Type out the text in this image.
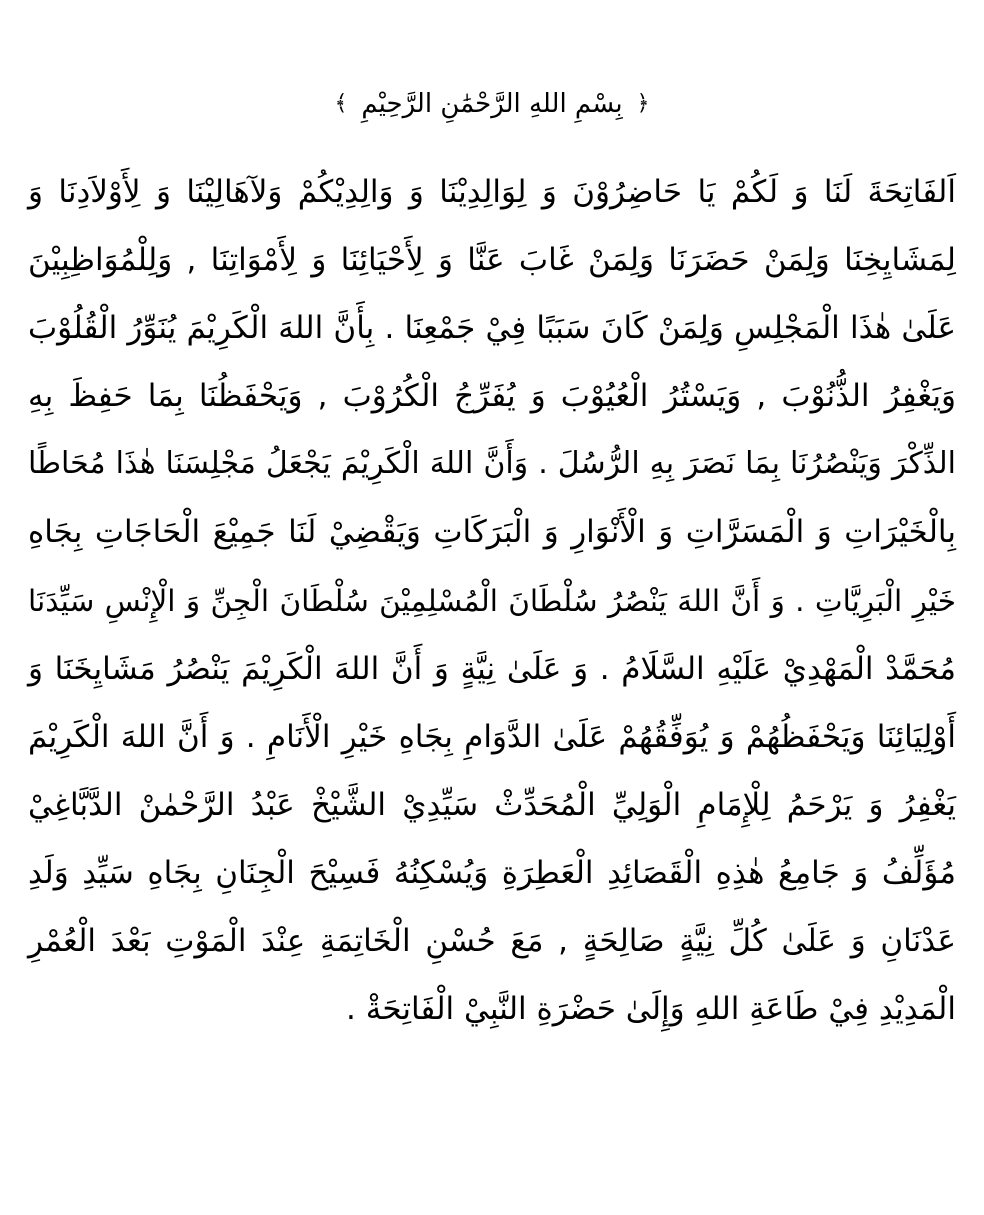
﴿
بِسْمِ اللهِ الرَّحْمَٰنِ الرَّحِيْمِ
﴾
اَلفَاتِحَةَ لَنَا وَ لَكُمْ يَا حَاضِرُوْنَ وَ لِوَالِدِيْنَا وَ وَالِدِيْكُمْ وَلآهَالِيْنَا وَ لِأَوْلاَدِنَا وَ
لِمَشَايِخِنَا وَلِمَنْ حَضَرَنَا وَلِمَنْ غَابَ عَنَّا وَ لِأَحْيَائِنَا وَ لِأَمْوَاتِنَا , وَلِلْمُوَاظِبِيْنَ
عَلَىٰ هٰذَا الْمَجْلِسِ وَلِمَنْ كَانَ سَبَبًا فِيْ جَمْعِنَا . بِأَنَّ اللهَ الْكَرِيْمَ يُنَوِّرُ الْقُلُوْبَ
وَيَغْفِرُ الذُّنُوْبَ , وَيَسْتُرُ الْعُيُوْبَ وَ يُفَرِّجُ الْكُرُوْبَ , وَيَحْفَظُنَا بِمَا حَفِظَ بِهِ
الذِّكْرَ وَيَنْصُرُنَا بِمَا نَصَرَ بِهِ الرُّسُلَ . وَأَنَّ اللهَ الْكَرِيْمَ يَجْعَلُ مَجْلِسَنَا هٰذَا مُحَاطًا
بِالْخَيْرَاتِ وَ الْمَسَرَّاتِ وَ الْأَنْوَارِ وَ الْبَرَكَاتِ وَيَقْضِيْ لَنَا جَمِيْعَ الْحَاجَاتِ بِجَاهِ
خَيْرِ الْبَرِيَّاتِ . وَ أَنَّ اللهَ يَنْصُرُ سُلْطَانَ الْمُسْلِمِيْنَ سُلْطَانَ الْجِنِّ وَ الْإِنْسِ سَيِّدَنَا
مُحَمَّدْ الْمَهْدِيْ عَلَيْهِ السَّلَامُ . وَ عَلَىٰ نِيَّةٍ وَ أَنَّ اللهَ الْكَرِيْمَ يَنْصُرُ مَشَايِخَنَا وَ
أَوْلِيَائِنَا وَيَحْفَظُهُمْ وَ يُوَفِّقُهُمْ عَلَىٰ الدَّوَامِ بِجَاهِ خَيْرِ الْأَنَامِ . وَ أَنَّ اللهَ الْكَرِيْمَ
يَغْفِرُ وَ يَرْحَمُ لِلْإِمَامِ الْوَلِيِّ الْمُحَدِّثْ سَيِّدِيْ الشَّيْخْ عَبْدُ الرَّحْمٰنْ الدَّبَّاغِيْ
مُؤَلِّفُ وَ جَامِعُ هٰذِهِ الْقَصَائِدِ الْعَطِرَةِ وَيُسْكِنُهُ فَسِيْحَ الْجِنَانِ بِجَاهِ سَيِّدِ وَلَدِ
عَدْنَانِ وَ عَلَىٰ كُلِّ نِيَّةٍ صَالِحَةٍ , مَعَ حُسْنِ الْخَاتِمَةِ عِنْدَ الْمَوْتِ بَعْدَ الْعُمْرِ
الْمَدِيْدِ فِيْ طَاعَةِ اللهِ وَإِلَىٰ حَضْرَةِ النَّبِيْ الْفَاتِحَةْ .
